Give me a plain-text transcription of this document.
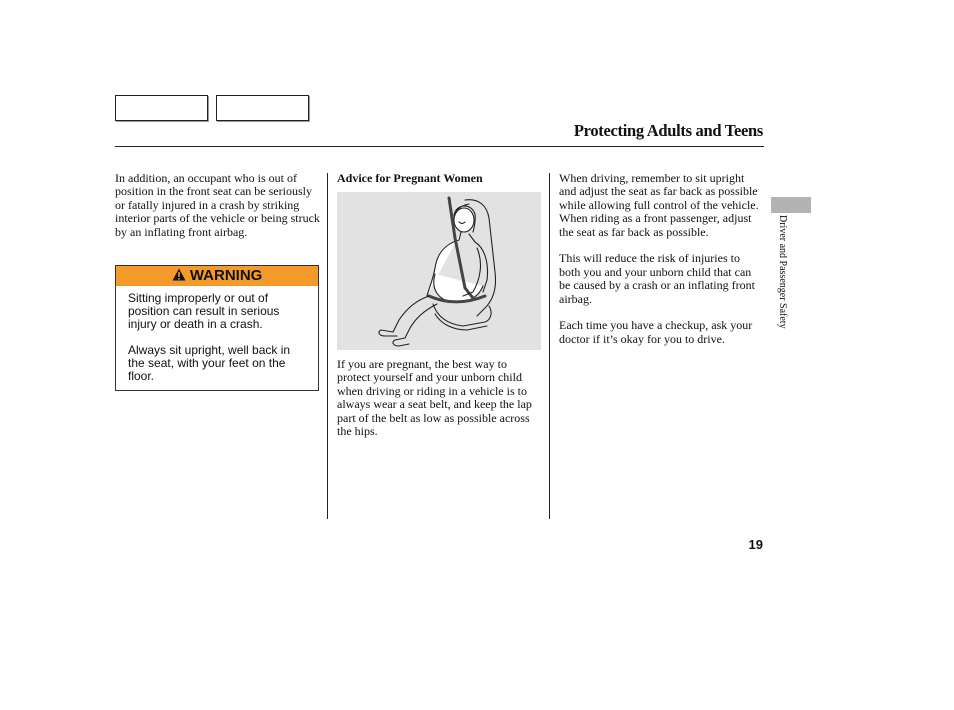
Protecting Adults and Teens

In addition, an occupant who is out of position in the front seat can be seriously or fatally injured in a crash by striking interior parts of the vehicle or being struck by an inflating front airbag.

WARNING

Sitting improperly or out of position can result in serious injury or death in a crash.

Always sit upright, well back in the seat, with your feet on the floor.

Advice for Pregnant Women

If you are pregnant, the best way to protect yourself and your unborn child when driving or riding in a vehicle is to always wear a seat belt, and keep the lap part of the belt as low as possible across the hips.

When driving, remember to sit upright and adjust the seat as far back as possible while allowing full control of the vehicle. When riding as a front passenger, adjust the seat as far back as possible.

This will reduce the risk of injuries to both you and your unborn child that can be caused by a crash or an inflating front airbag.

Each time you have a checkup, ask your doctor if it’s okay for you to drive.

Driver and Passenger Safety
19
